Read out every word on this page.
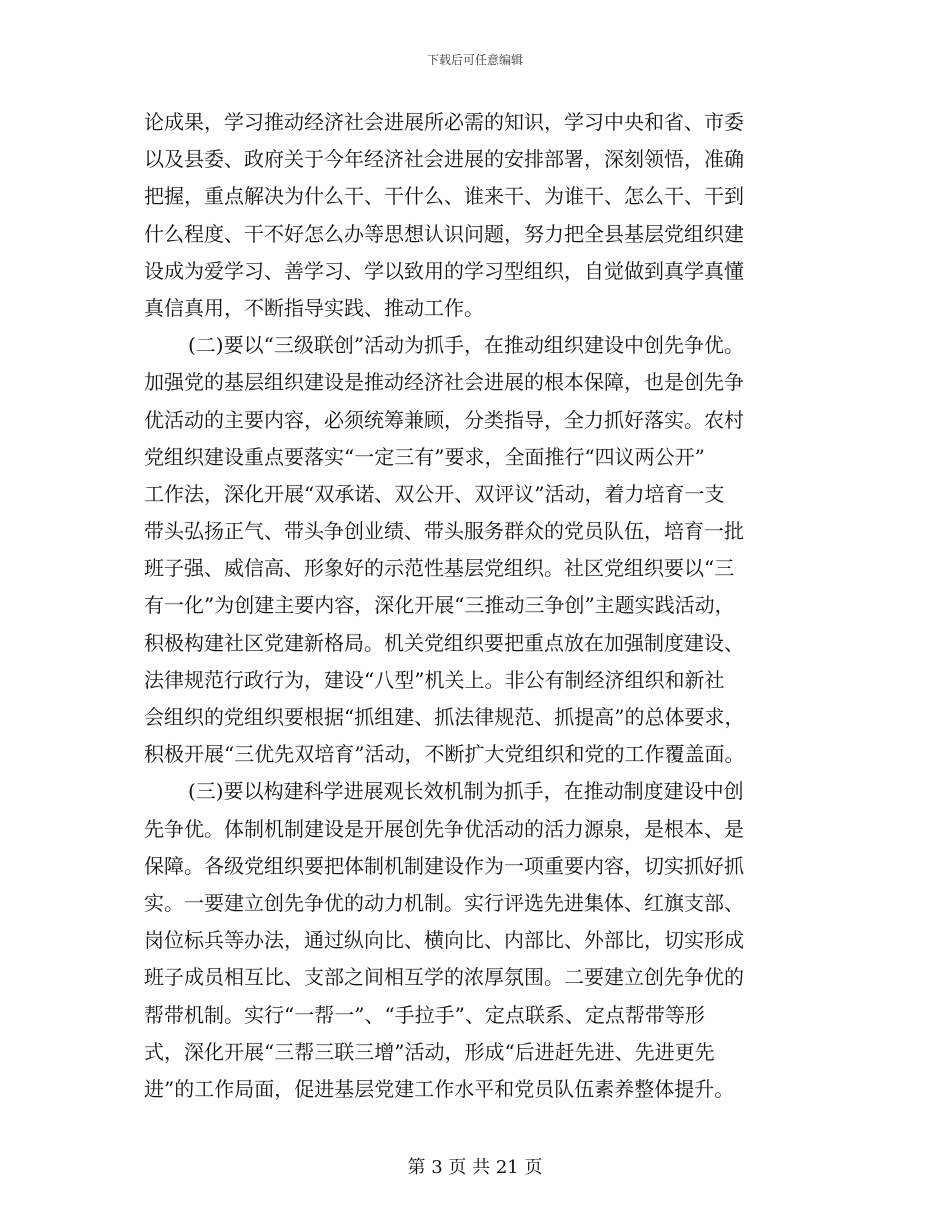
下载后可任意编辑
论成果，学习推动经济社会进展所必需的知识，学习中央和省、市委
以及县委、政府关于今年经济社会进展的安排部署，深刻领悟，准确
把握，重点解决为什么干、干什么、谁来干、为谁干、怎么干、干到
什么程度、干不好怎么办等思想认识问题，努力把全县基层党组织建
设成为爱学习、善学习、学以致用的学习型组织，自觉做到真学真懂
真信真用，不断指导实践、推动工作。
(二)要以“三级联创”活动为抓手，在推动组织建设中创先争优。
加强党的基层组织建设是推动经济社会进展的根本保障，也是创先争
优活动的主要内容，必须统筹兼顾，分类指导，全力抓好落实。农村
党组织建设重点要落实“一定三有”要求，全面推行“四议两公开”
工作法，深化开展“双承诺、双公开、双评议”活动，着力培育一支
带头弘扬正气、带头争创业绩、带头服务群众的党员队伍，培育一批
班子强、威信高、形象好的示范性基层党组织。社区党组织要以“三
有一化”为创建主要内容，深化开展“三推动三争创”主题实践活动，
积极构建社区党建新格局。机关党组织要把重点放在加强制度建设、
法律规范行政行为，建设“八型”机关上。非公有制经济组织和新社
会组织的党组织要根据“抓组建、抓法律规范、抓提高”的总体要求，
积极开展“三优先双培育”活动，不断扩大党组织和党的工作覆盖面。
(三)要以构建科学进展观长效机制为抓手，在推动制度建设中创
先争优。体制机制建设是开展创先争优活动的活力源泉，是根本、是
保障。各级党组织要把体制机制建设作为一项重要内容，切实抓好抓
实。一要建立创先争优的动力机制。实行评选先进集体、红旗支部、
岗位标兵等办法，通过纵向比、横向比、内部比、外部比，切实形成
班子成员相互比、支部之间相互学的浓厚氛围。二要建立创先争优的
帮带机制。实行“一帮一”、“手拉手”、定点联系、定点帮带等形
式，深化开展“三帮三联三增”活动，形成“后进赶先进、先进更先
进”的工作局面，促进基层党建工作水平和党员队伍素养整体提升。
第 3 页 共 21 页
